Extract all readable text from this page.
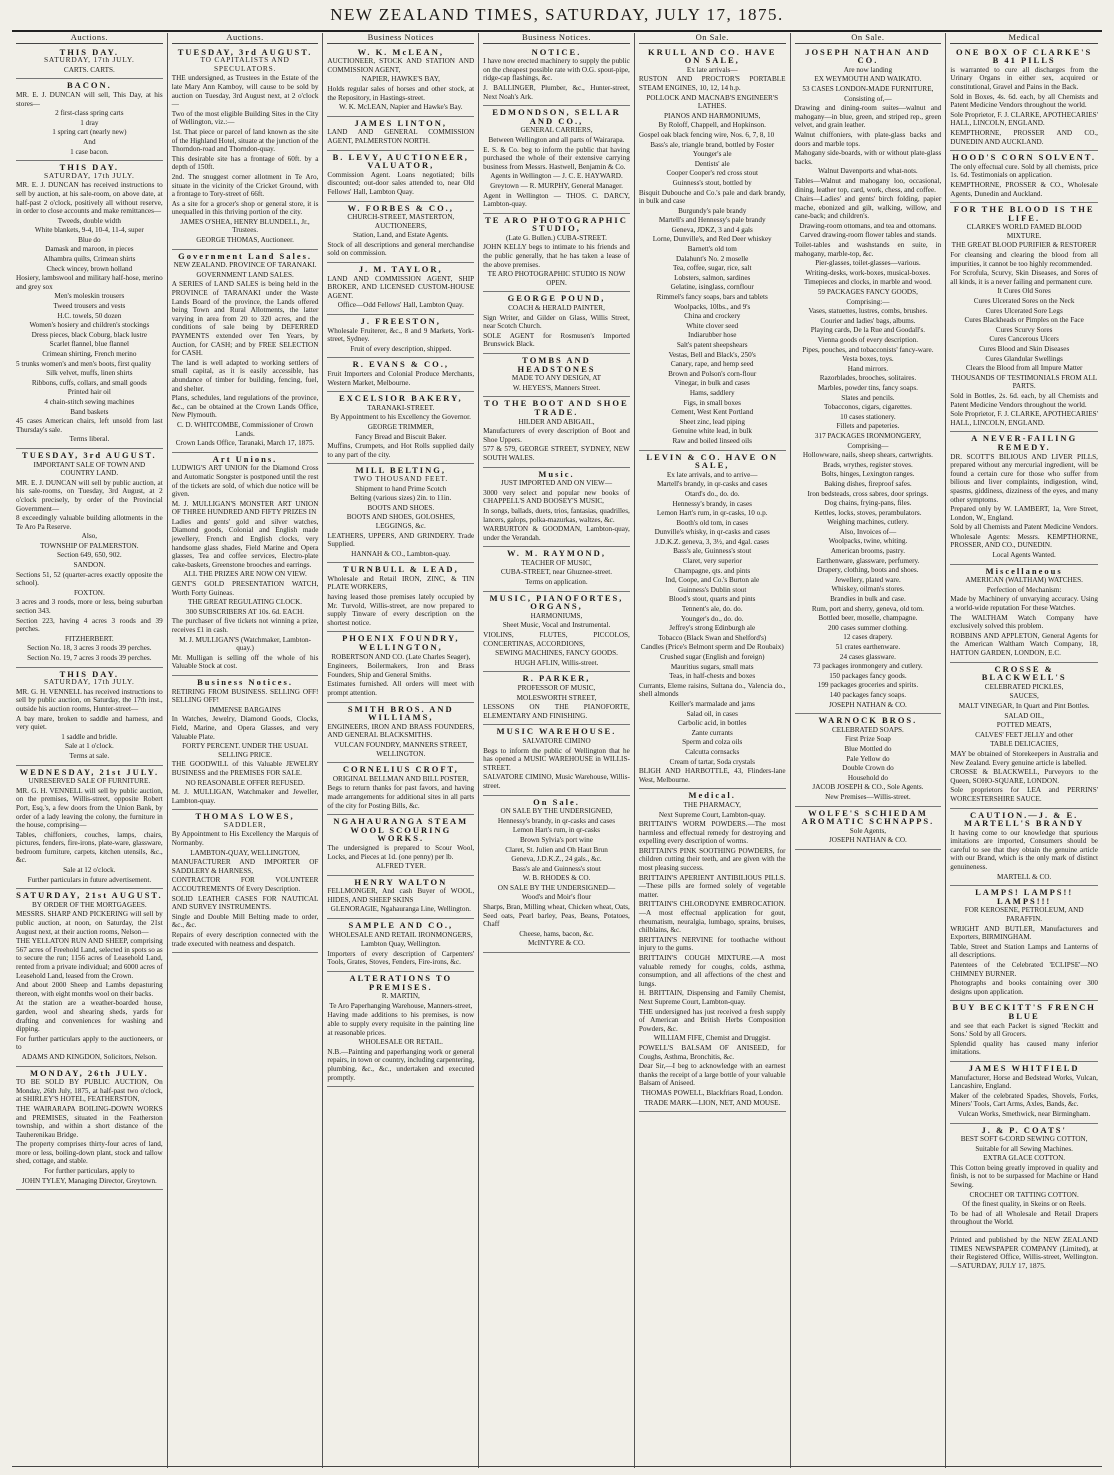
NEW ZEALAND TIMES, SATURDAY, JULY 17, 1875.
Auctions.
THIS DAY.
SATURDAY, 17th JULY.
CARTS. CARTS.
BACON.
MR. E. J. DUNCAN will sell, This Day, at his stores—
2 first-class spring carts
1 dray
1 spring cart (nearly new)
And
1 case bacon.
THIS DAY.
SATURDAY, 17th JULY.
MR. E. J. DUNCAN has received instructions to sell by auction, at his sale-room, on above date, at half-past 2 o'clock, positively all without reserve, in order to close accounts and make remittances—
Tweeds, double width
White blankets, 9-4, 10-4, 11-4, super
Blue do
Damask and maroon, in pieces
Alhambra quilts, Crimean shirts
Check wincey, brown holland
Hosiery, lambswool and military half-hose, merino and grey sox
Men's moleskin trousers
Tweed trousers and vests
H.C. towels, 50 dozen
Women's hosiery and children's stockings
Dress pieces, black Coburg, black lustre
Scarlet flannel, blue flannel
Crimean shirting, French merino
5 trunks women's and men's boots, first quality
Silk velvet, muffs, linen shirts
Ribbons, cuffs, collars, and small goods
Printed hair oil
4 chain-stitch sewing machines
Band baskets
45 cases American chairs, left unsold from last Thursday's sale.
Terms liberal.
TUESDAY, 3rd AUGUST.
IMPORTANT SALE OF TOWN AND COUNTRY LAND.
MR. E. J. DUNCAN will sell by public auction, at his sale-rooms, on Tuesday, 3rd August, at 2 o'clock precisely, by order of the Provincial Government—
8 exceedingly valuable building allotments in the Te Aro Pa Reserve.
Also,
TOWNSHIP OF PALMERSTON.
Section 649, 650, 902.
SANDON.
Sections 51, 52 (quarter-acres exactly opposite the school).
FOXTON.
3 acres and 3 roods, more or less, being suburban section 343.
Section 223, having 4 acres 3 roods and 39 perches.
FITZHERBERT.
Section No. 18, 3 acres 3 roods 39 perches.
Section No. 19, 7 acres 3 roods 39 perches.
THIS DAY.
SATURDAY, 17th JULY.
MR. G. H. VENNELL has received instructions to sell by public auction, on Saturday, the 17th inst., outside his auction rooms, Hunter-street—
A bay mare, broken to saddle and harness, and very quiet.
1 saddle and bridle.
Sale at 1 o'clock.
Terms at sale.
WEDNESDAY, 21st JULY.
UNRESERVED SALE OF FURNITURE.
MR. G. H. VENNELL will sell by public auction, on the premises, Willis-street, opposite Robert Port, Esq.'s, a few doors from the Union Bank, by order of a lady leaving the colony, the furniture in the house, comprising—
Tables, chiffoniers, couches, lamps, chairs, pictures, fenders, fire-irons, plate-ware, glassware, bedroom furniture, carpets, kitchen utensils, &c., &c.
Sale at 12 o'clock.
Further particulars in future advertisement.
SATURDAY, 21st AUGUST.
BY ORDER OF THE MORTGAGEES.
MESSRS. SHARP AND PICKERING will sell by public auction, at noon, on Saturday, the 21st August next, at their auction rooms, Nelson—
THE YELLATON RUN AND SHEEP, comprising 567 acres of Freehold Land, selected in spots so as to secure the run; 1156 acres of Leasehold Land, rented from a private individual; and 6000 acres of Leasehold Land, leased from the Crown.
And about 2000 Sheep and Lambs depasturing thereon, with eight months wool on their backs.
At the station are a weather-boarded house, garden, wool and shearing sheds, yards for drafting and conveniences for washing and dipping.
For further particulars apply to the auctioneers, or to
ADAMS AND KINGDON, Solicitors, Nelson.
MONDAY, 26th JULY.
TO BE SOLD BY PUBLIC AUCTION, On Monday, 26th July, 1875, at half-past two o'clock, at SHIRLEY'S HOTEL, FEATHERSTON,
THE WAIRARAPA BOILING-DOWN WORKS and PREMISES, situated in the Featherston township, and within a short distance of the Tauherenikau Bridge.
The property comprises thirty-four acres of land, more or less, boiling-down plant, stock and tallow shed, cottage, and stable.
For further particulars, apply to
JOHN TYLEY, Managing Director, Greytown.
Auctions.
TUESDAY, 3rd AUGUST.
TO CAPITALISTS AND SPECULATORS.
THE undersigned, as Trustees in the Estate of the late Mary Ann Kamboy, will cause to be sold by auction on Tuesday, 3rd August next, at 2 o'clock—
Two of the most eligible Building Sites in the City of Wellington, viz.:—
1st. That piece or parcel of land known as the site of the Highland Hotel, situate at the junction of the Thorndon-road and Thorndon-quay.
This desirable site has a frontage of 60ft. by a depth of 150ft.
2nd. The snuggest corner allotment in Te Aro, situate in the vicinity of the Cricket Ground, with a frontage to Tory-street of 66ft.
As a site for a grocer's shop or general store, it is unequalled in this thriving portion of the city.
JAMES O'SHEA, HENRY BLUNDELL, Jr., Trustees.
GEORGE THOMAS, Auctioneer.
Government Land Sales.
NEW ZEALAND. PROVINCE OF TARANAKI.
GOVERNMENT LAND SALES.
A SERIES of LAND SALES is being held in the PROVINCE of TARANAKI under the Waste Lands Board of the province, the Lands offered being Town and Rural Allotments, the latter varying in area from 20 to 320 acres, and the conditions of sale being by DEFERRED PAYMENTS extended over Ten Years, by Auction, for CASH; and by FREE SELECTION for CASH.
The land is well adapted to working settlers of small capital, as it is easily accessible, has abundance of timber for building, fencing, fuel, and shelter.
Plans, schedules, land regulations of the province, &c., can be obtained at the Crown Lands Office, New Plymouth.
C. D. WHITCOMBE, Commissioner of Crown Lands.
Crown Lands Office, Taranaki, March 17, 1875.
Art Unions.
LUDWIG'S ART UNION for the Diamond Cross and Automatic Songster is postponed until the rest of the tickets are sold, of which due notice will be given.
M. J. MULLIGAN'S MONSTER ART UNION OF THREE HUNDRED AND FIFTY PRIZES IN
Ladies and gents' gold and silver watches, Diamond goods, Colonial and English made jewellery, French and English clocks, very handsome glass shades, Field Marine and Opera glasses, Tea and coffee services, Electro-plate cake-baskets, Greenstone brooches and earrings.
ALL THE PRIZES ARE NOW ON VIEW.
GENT'S GOLD PRESENTATION WATCH, Worth Forty Guineas.
THE GREAT REGULATING CLOCK.
300 SUBSCRIBERS AT 10s. 6d. EACH.
The purchaser of five tickets not winning a prize, receives £1 in cash.
M. J. MULLIGAN'S (Watchmaker, Lambton-quay.)
Mr. Mulligan is selling off the whole of his Valuable Stock at cost.
Business Notices.
RETIRING FROM BUSINESS. SELLING OFF! SELLING OFF!
IMMENSE BARGAINS
In Watches, Jewelry, Diamond Goods, Clocks, Field, Marine, and Opera Glasses, and very Valuable Plate.
FORTY PERCENT. UNDER THE USUAL SELLING PRICE.
THE GOODWILL of this Valuable JEWELRY BUSINESS and the PREMISES FOR SALE.
NO REASONABLE OFFER REFUSED.
M. J. MULLIGAN, Watchmaker and Jeweller, Lambton-quay.
THOMAS LOWES,
SADDLER,
By Appointment to His Excellency the Marquis of Normanby.
LAMBTON-QUAY, WELLINGTON,
MANUFACTURER AND IMPORTER OF SADDLERY & HARNESS,
CONTRACTOR FOR VOLUNTEER ACCOUTREMENTS Of Every Description.
SOLID LEATHER CASES FOR NAUTICAL AND SURVEY INSTRUMENTS.
Single and Double Mill Belting made to order, &c., &c.
Repairs of every description connected with the trade executed with neatness and despatch.
Business Notices
W. K. McLEAN,
AUCTIONEER, STOCK AND STATION AND COMMISSION AGENT,
NAPIER, HAWKE'S BAY,
Holds regular sales of horses and other stock, at the Repository, in Hastings-street.
W. K. McLEAN, Napier and Hawke's Bay.
JAMES LINTON,
LAND AND GENERAL COMMISSION AGENT, PALMERSTON NORTH.
B. LEVY, AUCTIONEER, VALUATOR,
Commission Agent. Loans negotiated; bills discounted; out-door sales attended to, near Old Fellows' Hall, Lambton Quay.
W. FORBES & CO.,
CHURCH-STREET, MASTERTON, AUCTIONEERS,
Station, Land, and Estate Agents.
Stock of all descriptions and general merchandise sold on commission.
J. M. TAYLOR,
LAND AND COMMISSION AGENT, SHIP BROKER, AND LICENSED CUSTOM-HOUSE AGENT.
Office—Odd Fellows' Hall, Lambton Quay.
J. FREESTON,
Wholesale Fruiterer, &c., 8 and 9 Markets, York-street, Sydney.
Fruit of every description, shipped.
R. EVANS & CO.,
Fruit Importers and Colonial Produce Merchants, Western Market, Melbourne.
EXCELSIOR BAKERY,
TARANAKI-STREET.
By Appointment to his Excellency the Governor.
GEORGE TRIMMER,
Fancy Bread and Biscuit Baker.
Muffins, Crumpets, and Hot Rolls supplied daily to any part of the city.
MILL BELTING,
TWO THOUSAND FEET.
Shipment to hand Prime Scotch
Belting (various sizes) 2in. to 11in.
BOOTS AND SHOES.
BOOTS AND SHOES, GOLOSHES, LEGGINGS, &c.
LEATHERS, UPPERS, AND GRINDERY. Trade Supplied.
HANNAH & CO., Lambton-quay.
TURNBULL & LEAD,
Wholesale and Retail IRON, ZINC, & TIN PLATE WORKERS,
having leased those premises lately occupied by Mr. Turvold, Willis-street, are now prepared to supply Tinware of every description on the shortest notice.
PHOENIX FOUNDRY, WELLINGTON,
ROBERTSON AND CO. (Late Charles Seager),
Engineers, Boilermakers, Iron and Brass Founders, Ship and General Smiths.
Estimates furnished. All orders will meet with prompt attention.
SMITH BROS. AND WILLIAMS,
ENGINEERS, IRON AND BRASS FOUNDERS, AND GENERAL BLACKSMITHS.
VULCAN FOUNDRY, MANNERS STREET, WELLINGTON.
CORNELIUS CROFT,
ORIGINAL BELLMAN AND BILL POSTER,
Begs to return thanks for past favors, and having made arrangements for additional sites in all parts of the city for Posting Bills, &c.
NGAHAURANGA STEAM WOOL SCOURING WORKS.
The undersigned is prepared to Scour Wool, Locks, and Pieces at 1d. (one penny) per lb.
ALFRED TYER.
HENRY WALTON
FELLMONGER, And cash Buyer of WOOL, HIDES, AND SHEEP SKINS
GLENORAGIE, Ngahauranga Line, Wellington.
SAMPLE AND CO.,
WHOLESALE AND RETAIL IRONMONGERS,
Lambton Quay, Wellington.
Importers of every description of Carpenters' Tools, Grates, Stoves, Fenders, Fire-irons, &c.
ALTERATIONS TO PREMISES.
R. MARTIN,
Te Aro Paperhanging Warehouse, Manners-street,
Having made additions to his premises, is now able to supply every requisite in the painting line at reasonable prices.
WHOLESALE OR RETAIL.
N.B.—Painting and paperhanging work or general repairs, in town or country, including carpentering, plumbing, &c., &c., undertaken and executed promptly.
Business Notices.
NOTICE.
I have now erected machinery to supply the public on the cheapest possible rate with O.G. spout-pipe, ridge-cap flashings, &c.
J. BALLINGER, Plumber, &c., Hunter-street, Next Noah's Ark.
EDMONDSON, SELLAR AND CO.,
GENERAL CARRIERS,
Between Wellington and all parts of Wairarapa.
E. S. & Co. beg to inform the public that having purchased the whole of their extensive carrying business from Messrs. Hastwell, Benjamin & Co.
Agents in Wellington — J. C. E. HAYWARD.
Greytown — R. MURPHY, General Manager.
Agent in Wellington — THOS. C. DARCY, Lambton-quay.
TE ARO PHOTOGRAPHIC STUDIO,
(Late G. Bullen.) CUBA-STREET.
JOHN KELLY begs to intimate to his friends and the public generally, that he has taken a lease of the above premises.
TE ARO PHOTOGRAPHIC STUDIO IS NOW OPEN.
GEORGE POUND,
COACH & HERALD PAINTER,
Sign Writer, and Gilder on Glass, Willis Street, near Scotch Church.
SOLE AGENT for Rosmusen's Imported Brunswick Black.
TOMBS AND HEADSTONES
MADE TO ANY DESIGN, AT
W. HEYES'S, Manners Street.
TO THE BOOT AND SHOE TRADE.
HILDER AND ABIGAIL,
Manufacturers of every description of Boot and Shoe Uppers.
577 & 579, GEORGE STREET, SYDNEY, NEW SOUTH WALES.
Music.
JUST IMPORTED AND ON VIEW—
3000 very select and popular new books of CHAPPELL'S AND BOOSEY'S MUSIC,
In songs, ballads, duets, trios, fantasias, quadrilles, lancers, galops, polka-mazurkas, waltzes, &c.
WARBURTON & GOODMAN, Lambton-quay, under the Verandah.
W. M. RAYMOND,
TEACHER OF MUSIC,
CUBA-STREET, near Ghuznee-street.
Terms on application.
MUSIC, PIANOFORTES, ORGANS,
HARMONIUMS,
Sheet Music, Vocal and Instrumental.
VIOLINS, FLUTES, PICCOLOS, CONCERTINAS, ACCORDIONS,
SEWING MACHINES, FANCY GOODS.
HUGH AFLIN, Willis-street.
R. PARKER,
PROFESSOR OF MUSIC,
MOLESWORTH STREET,
LESSONS ON THE PIANOFORTE, ELEMENTARY AND FINISHING.
MUSIC WAREHOUSE.
SALVATORE CIMINO
Begs to inform the public of Wellington that he has opened a MUSIC WAREHOUSE in WILLIS-STREET.
SALVATORE CIMINO, Music Warehouse, Willis-street.
On Sale.
ON SALE BY THE UNDERSIGNED,
Hennessy's brandy, in qr-casks and cases
Lemon Hart's rum, in qr-casks
Brown Sylvia's port wine
Claret, St. Julien and Oh Haut Brun
Geneva, J.D.K.Z., 24 gals., &c.
Bass's ale and Guinness's stout
W. B. RHODES & CO.
ON SALE BY THE UNDERSIGNED—
Wood's and Moir's flour
Sharps, Bran, Milling wheat, Chicken wheat, Oats, Seed oats, Pearl barley, Peas, Beans, Potatoes, Chaff
Cheese, hams, bacon, &c.
McINTYRE & CO.
On Sale.
KRULL AND CO. HAVE ON SALE,
Ex late arrivals—
RUSTON AND PROCTOR'S PORTABLE STEAM ENGINES, 10, 12, 14 h.p.
POLLOCK AND MACNAB'S ENGINEER'S LATHES.
PIANOS AND HARMONIUMS,
By Roloff, Chappell, and Hopkinson.
Gospel oak black fencing wire, Nos. 6, 7, 8, 10
Bass's ale, triangle brand, bottled by Foster
Younger's ale
Dentists' ale
Cooper Cooper's red cross stout
Guinness's stout, bottled by
Bisquit Dubouche and Co.'s pale and dark brandy, in bulk and case
Burgundy's pale brandy
Martell's and Hennessy's pale brandy
Geneva, JDKZ, 3 and 4 gals
Lorne, Dunville's, and Red Deer whiskey
Barnett's old tom
Dalahunt's No. 2 moselle
Tea, coffee, sugar, rice, salt
Lobsters, salmon, sardines
Gelatine, isinglass, cornflour
Rimmel's fancy soaps, bars and tablets
Woolpacks, 10lbs., and 9's
China and crockery
White clover seed
Indiarubber hose
Salt's patent sheepshears
Vestas, Bell and Black's, 250's
Canary, rape, and hemp seed
Brown and Polson's corn-flour
Vinegar, in bulk and cases
Hams, saddlery
Figs, in small boxes
Cement, West Kent Portland
Sheet zinc, lead piping
Genuine white lead, in bulk
Raw and boiled linseed oils
LEVIN & CO. HAVE ON SALE,
Ex late arrivals, and to arrive—
Martell's brandy, in qr-casks and cases
Otard's do., do. do.
Hennessy's brandy, in cases
Lemon Hart's rum, in qr-casks, 10 o.p.
Booth's old tom, in cases
Dunville's whisky, in qr-casks and cases
J.D.K.Z. geneva, 3, 3½, and 4gal. cases
Bass's ale, Guinness's stout
Claret, very superior
Champagne, qts. and pints
Ind, Coope, and Co.'s Burton ale
Guinness's Dublin stout
Blood's stout, quarts and pints
Tennent's ale, do. do.
Younger's do., do. do.
Jeffrey's strong Edinburgh ale
Tobacco (Black Swan and Shelford's)
Candles (Price's Belmont sperm and De Roubaix)
Crushed sugar (English and foreign)
Mauritius sugars, small mats
Teas, in half-chests and boxes
Currants, Eleme raisins, Sultana do., Valencia do., shell almonds
Keiller's marmalade and jams
Salad oil, in cases
Carbolic acid, in bottles
Zante currants
Sperm and colza oils
Calcutta cornsacks
Cream of tartar, Soda crystals
BLIGH AND HARBOTTLE, 43, Flinders-lane West, Melbourne.
Medical.
THE PHARMACY,
Next Supreme Court, Lambton-quay.
BRITTAIN'S WORM POWDERS.—The most harmless and effectual remedy for destroying and expelling every description of worms.
BRITTAIN'S PINK SOOTHING POWDERS, for children cutting their teeth, and are given with the most pleasing success.
BRITTAIN'S APERIENT ANTIBILIOUS PILLS.—These pills are formed solely of vegetable matter.
BRITTAIN'S CHLORODYNE EMBROCATION.—A most effectual application for gout, rheumatism, neuralgia, lumbago, sprains, bruises, chilblains, &c.
BRITTAIN'S NERVINE for toothache without injury to the gums.
BRITTAIN'S COUGH MIXTURE.—A most valuable remedy for coughs, colds, asthma, consumption, and all affections of the chest and lungs.
H. BRITTAIN, Dispensing and Family Chemist, Next Supreme Court, Lambton-quay.
THE undersigned has just received a fresh supply of American and British Herbs Composition Powders, &c.
WILLIAM FIFE, Chemist and Druggist.
POWELL'S BALSAM OF ANISEED, for Coughs, Asthma, Bronchitis, &c.
Dear Sir,—I beg to acknowledge with an earnest thanks the receipt of a large bottle of your valuable Balsam of Aniseed.
THOMAS POWELL, Blackfriars Road, London.
TRADE MARK—LION, NET, AND MOUSE.
On Sale.
JOSEPH NATHAN AND CO.
Are now landing
EX WEYMOUTH AND WAIKATO.
53 CASES LONDON-MADE FURNITURE,
Consisting of,—
Drawing and dining-room suites—walnut and mahogany—in blue, green, and striped rep., green velvet, and grain leather.
Walnut chiffoniers, with plate-glass backs and doors and marble tops.
Mahogany side-boards, with or without plate-glass backs.
Walnut Davenports and what-nots.
Tables—Walnut and mahogany loo, occasional, dining, leather top, card, work, chess, and coffee.
Chairs—Ladies' and gents' birch folding, papier mache, ebonized and gilt, walking, willow, and cane-back; and children's.
Drawing-room ottomans, and tea and ottomans.
Carved drawing-room flower tables and stands.
Toilet-tables and washstands en suite, in mahogany, marble-top, &c.
Pier-glasses, toilet-glasses—various.
Writing-desks, work-boxes, musical-boxes.
Timepieces and clocks, in marble and wood.
59 PACKAGES FANCY GOODS,
Comprising:—
Vases, statuettes, lustres, combs, brushes.
Courier and ladies' bags, albums.
Playing cards, De la Rue and Goodall's.
Vienna goods of every description.
Pipes, pouches, and tobacconists' fancy-ware.
Vesta boxes, toys.
Hand mirrors.
Razorblades, brooches, solitaires.
Marbles, powder tins, fancy soaps.
Slates and pencils.
Tobacconos, cigars, cigarettes.
10 cases stationery.
Fillets and papeteries.
317 PACKAGES IRONMONGERY,
Comprising—
Hollowware, nails, sheep shears, cartwrights.
Brads, wrythes, register stoves.
Bolts, hinges, Lexington ranges.
Baking dishes, fireproof safes.
Iron bedsteads, cross sabres, door springs.
Dog chains, frying-pans, files.
Kettles, locks, stoves, perambulators.
Weighing machines, cutlery.
Also, Invoices of—
Woolpacks, twine, whiting.
American brooms, pastry.
Earthenware, glassware, perfumery.
Drapery, clothing, boots and shoes.
Jewellery, plated ware.
Whiskey, oilman's stores.
Brandies in bulk and case.
Rum, port and sherry, geneva, old tom.
Bottled beer, moselle, champagne.
200 cases summer clothing.
12 cases drapery.
51 crates earthenware.
24 cases glassware.
73 packages ironmongery and cutlery.
150 packages fancy goods.
199 packages groceries and spirits.
140 packages fancy soaps.
JOSEPH NATHAN & CO.
WARNOCK BROS.
CELEBRATED SOAPS.
First Prize Soap
Blue Mottled do
Pale Yellow do
Double Crown do
Household do
JACOB JOSEPH & CO., Sole Agents.
New Premises—Willis-street.
WOLFE'S SCHIEDAM AROMATIC SCHNAPPS.
Sole Agents,
JOSEPH NATHAN & CO.
Medical
ONE BOX OF CLARKE'S B 41 PILLS
is warranted to cure all discharges from the Urinary Organs in either sex, acquired or constitutional, Gravel and Pains in the Back.
Sold in Boxes, 4s. 6d. each, by all Chemists and Patent Medicine Vendors throughout the world.
Sole Proprietor, F. J. CLARKE, APOTHECARIES' HALL, LINCOLN, ENGLAND.
KEMPTHORNE, PROSSER AND CO., DUNEDIN AND AUCKLAND.
HOOD'S CORN SOLVENT.
The only effectual cure. Sold by all chemists, price 1s. 6d. Testimonials on application.
KEMPTHORNE, PROSSER & CO., Wholesale Agents, Dunedin and Auckland.
FOR THE BLOOD IS THE LIFE.
CLARKE'S WORLD FAMED BLOOD MIXTURE.
THE GREAT BLOOD PURIFIER & RESTORER
For cleansing and clearing the blood from all impurities, it cannot be too highly recommended.
For Scrofula, Scurvy, Skin Diseases, and Sores of all kinds, it is a never failing and permanent cure.
It Cures Old Sores
Cures Ulcerated Sores on the Neck
Cures Ulcerated Sore Legs
Cures Blackheads or Pimples on the Face
Cures Scurvy Sores
Cures Cancerous Ulcers
Cures Blood and Skin Diseases
Cures Glandular Swellings
Clears the Blood from all Impure Matter
THOUSANDS OF TESTIMONIALS FROM ALL PARTS.
Sold in Bottles, 2s. 6d. each, by all Chemists and Patent Medicine Vendors throughout the world.
Sole Proprietor, F. J. CLARKE, APOTHECARIES' HALL, LINCOLN, ENGLAND.
A NEVER-FAILING REMEDY.
DR. SCOTT'S BILIOUS AND LIVER PILLS, prepared without any mercurial ingredient, will be found a certain cure for those who suffer from bilious and liver complaints, indigestion, wind, spasms, giddiness, dizziness of the eyes, and many other symptoms.
Prepared only by W. LAMBERT, 1a, Vere Street, London, W., England.
Sold by all Chemists and Patent Medicine Vendors.
Wholesale Agents: Messrs. KEMPTHORNE, PROSSER, AND CO., DUNEDIN.
Local Agents Wanted.
Miscellaneous
AMERICAN (WALTHAM) WATCHES.
Perfection of Mechanism:
Made by Machinery of unvarying accuracy. Using a world-wide reputation For these Watches.
The WALTHAM Watch Company have exclusively solved this problem.
ROBBINS AND APPLETON, General Agents for the American Waltham Watch Company, 18, HATTON GARDEN, LONDON, E.C.
CROSSE & BLACKWELL'S
CELEBRATED PICKLES,
SAUCES,
MALT VINEGAR, In Quart and Pint Bottles.
SALAD OIL,
POTTED MEATS,
CALVES' FEET JELLY and other
TABLE DELICACIES,
MAY be obtained of Storekeepers in Australia and New Zealand. Every genuine article is labelled.
CROSSE & BLACKWELL, Purveyors to the Queen, SOHO-SQUARE, LONDON.
Sole proprietors for LEA and PERRINS' WORCESTERSHIRE SAUCE.
CAUTION.—J. & E. MARTELL'S BRANDY
It having come to our knowledge that spurious imitations are imported, Consumers should be careful to see that they obtain the genuine article with our Brand, which is the only mark of distinct genuineness.
MARTELL & CO.
LAMPS! LAMPS!! LAMPS!!!
FOR KEROSENE, PETROLEUM, AND PARAFFIN.
WRIGHT AND BUTLER, Manufacturers and Exporters, BIRMINGHAM.
Table, Street and Station Lamps and Lanterns of all descriptions.
Patentees of the Celebrated 'ECLIPSE'—NO CHIMNEY BURNER.
Photographs and books containing over 300 designs upon application.
BUY BECKITT'S FRENCH BLUE
and see that each Packet is signed 'Reckitt and Sons.' Sold by all Grocers.
Splendid quality has caused many inferior imitations.
JAMES WHITFIELD
Manufacturer, Horse and Bedstead Works, Vulcan, Lancashire, England.
Maker of the celebrated Spades, Shovels, Forks, Miners' Tools, Cart Arms, Axles, Bands, &c.
Vulcan Works, Smethwick, near Birmingham.
J. & P. COATS'
BEST SOFT 6-CORD SEWING COTTON,
Suitable for all Sewing Machines.
EXTRA GLACE COTTON.
This Cotton being greatly improved in quality and finish, is not to be surpassed for Machine or Hand Sewing.
CROCHET OR TATTING COTTON.
Of the finest quality, in Skeins or on Reels.
To be had of all Wholesale and Retail Drapers throughout the World.
Printed and published by the NEW ZEALAND TIMES NEWSPAPER COMPANY (Limited), at their Registered Office, Willis-street, Wellington.—SATURDAY, JULY 17, 1875.
